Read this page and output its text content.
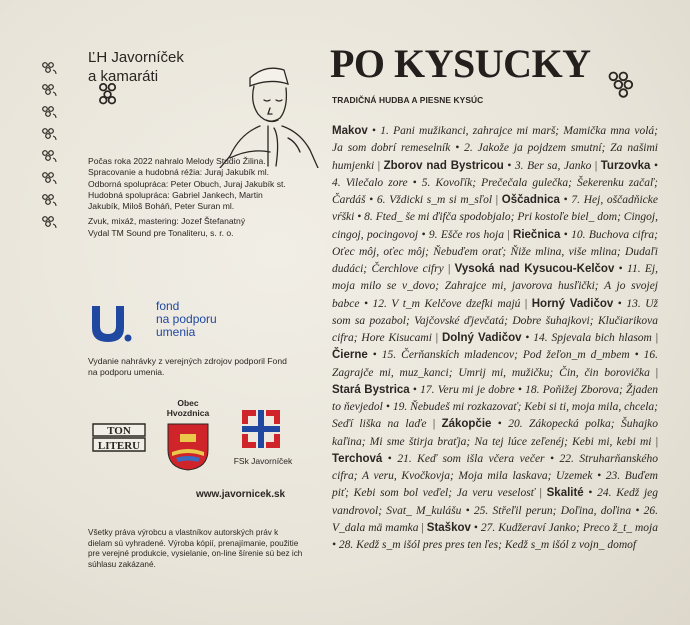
ĽH Javorníček
a kamaráti
Počas roka 2022 nahralo Melody Studio Žilina.
Spracovanie a hudobná réžia: Juraj Jakubík ml.
Odborná spolupráca: Peter Obuch, Juraj Jakubík st.
Hudobná spolupráca: Gabriel Jankech, Martin Jakubík, Miloš Boháň, Peter Suran ml.
Zvuk, mixáž, mastering: Jozef Štefanatný
Vydal TM Sound pre Tonaliteru, s. r. o.
fond
na podporu
umenia
Vydanie nahrávky z verejných zdrojov podporil Fond na podporu umenia.
TON
LITERU
Obec Hvozdnica
FSk Javorníček
www.javornicek.sk
Všetky práva výrobcu a vlastníkov autorských práv k dielam sú vyhradené. Výroba kópií, prenajímanie, použitie pre verejné produkcie, vysielanie, on-line šírenie sú bez ich súhlasu zakázané.
PO KYSUCKY
TRADIČNÁ HUDBA A PIESNE KYSÚC
Makov • 1. Pani mužikanci, zahrajce mi marš; Mamička mna volá; Ja som dobrí remeselník • 2. Jakože ja pojdzem smutní; Za našimi humjenki | Zborov nad Bystricou • 3. Ber sa, Janko | Turzovka • 4. Vilečalo zore • 5. Kovoľík; Prečečala gulečka; Šekerenku začaľ; Čardáš • 6. Vždicki s_m si m_sľol | Oščadnica • 7. Hej, oščadňicke vŕški • 8. Fted_ še mi ďifča spodobjalo; Pri kostoľe biel_ dom; Cingoj, cingoj, pocingovoj • 9. Ešče ros hoja | Riečnica • 10. Buchova cifra; Oťec môj, oťec môj; Ňebuďem orať; Ňiže mlina, više mlina; Dudaľi dudáci; Čerchlove cifry | Vysoká nad Kysucou-Kelčov • 11. Ej, moja milo se v_dovo; Zahrajce mi, javorova husľički; A jo svojej babce • 12. V t_m Kelčove dzefki majú | Horný Vadičov • 13. Už som sa pozabol; Vajčovské ďjevčatá; Dobre šuhajkovi; Klučiarikova cifra; Hore Kisucami | Dolný Vadičov • 14. Spjevala bich hlasom | Čierne • 15. Čerňanskích mladencov; Pod žeľon_m d_mbem • 16. Zagrajče mi, muz_kanci; Umrij mi, mužičku; Čin, čin borovička | Stará Bystrica • 17. Veru mi je dobre • 18. Poňižej Zborova; Žjaden to ňevjedol • 19. Ňebudeš mi rozkazovať; Kebi si ti, moja mila, chcela; Seďí liška na laďe | Zákopčie • 20. Zákopecká polka; Šuhajko kaľina; Mi sme štirja braťja; Na tej lúce zeľenéj; Kebi mi, kebi mi | Terchová • 21. Keď som išla včera večer • 22. Struharňanského cifra; A veru, Kvočkovja; Moja mila laskava; Uzemek • 23. Buďem piť; Kebi som bol veďel; Ja veru veselosť | Skalité • 24. Kedž jeg vandrovol; Svat_ M_kulášu • 25. Střeľil perun; Doľina, doľina • 26. V_dala mä mamka | Staškov • 27. Kudžeraví Janko; Preco ž_t_ moja • 28. Kedž s_m išól pres pres ten ľes; Kedž s_m išól z vojn_ domof
